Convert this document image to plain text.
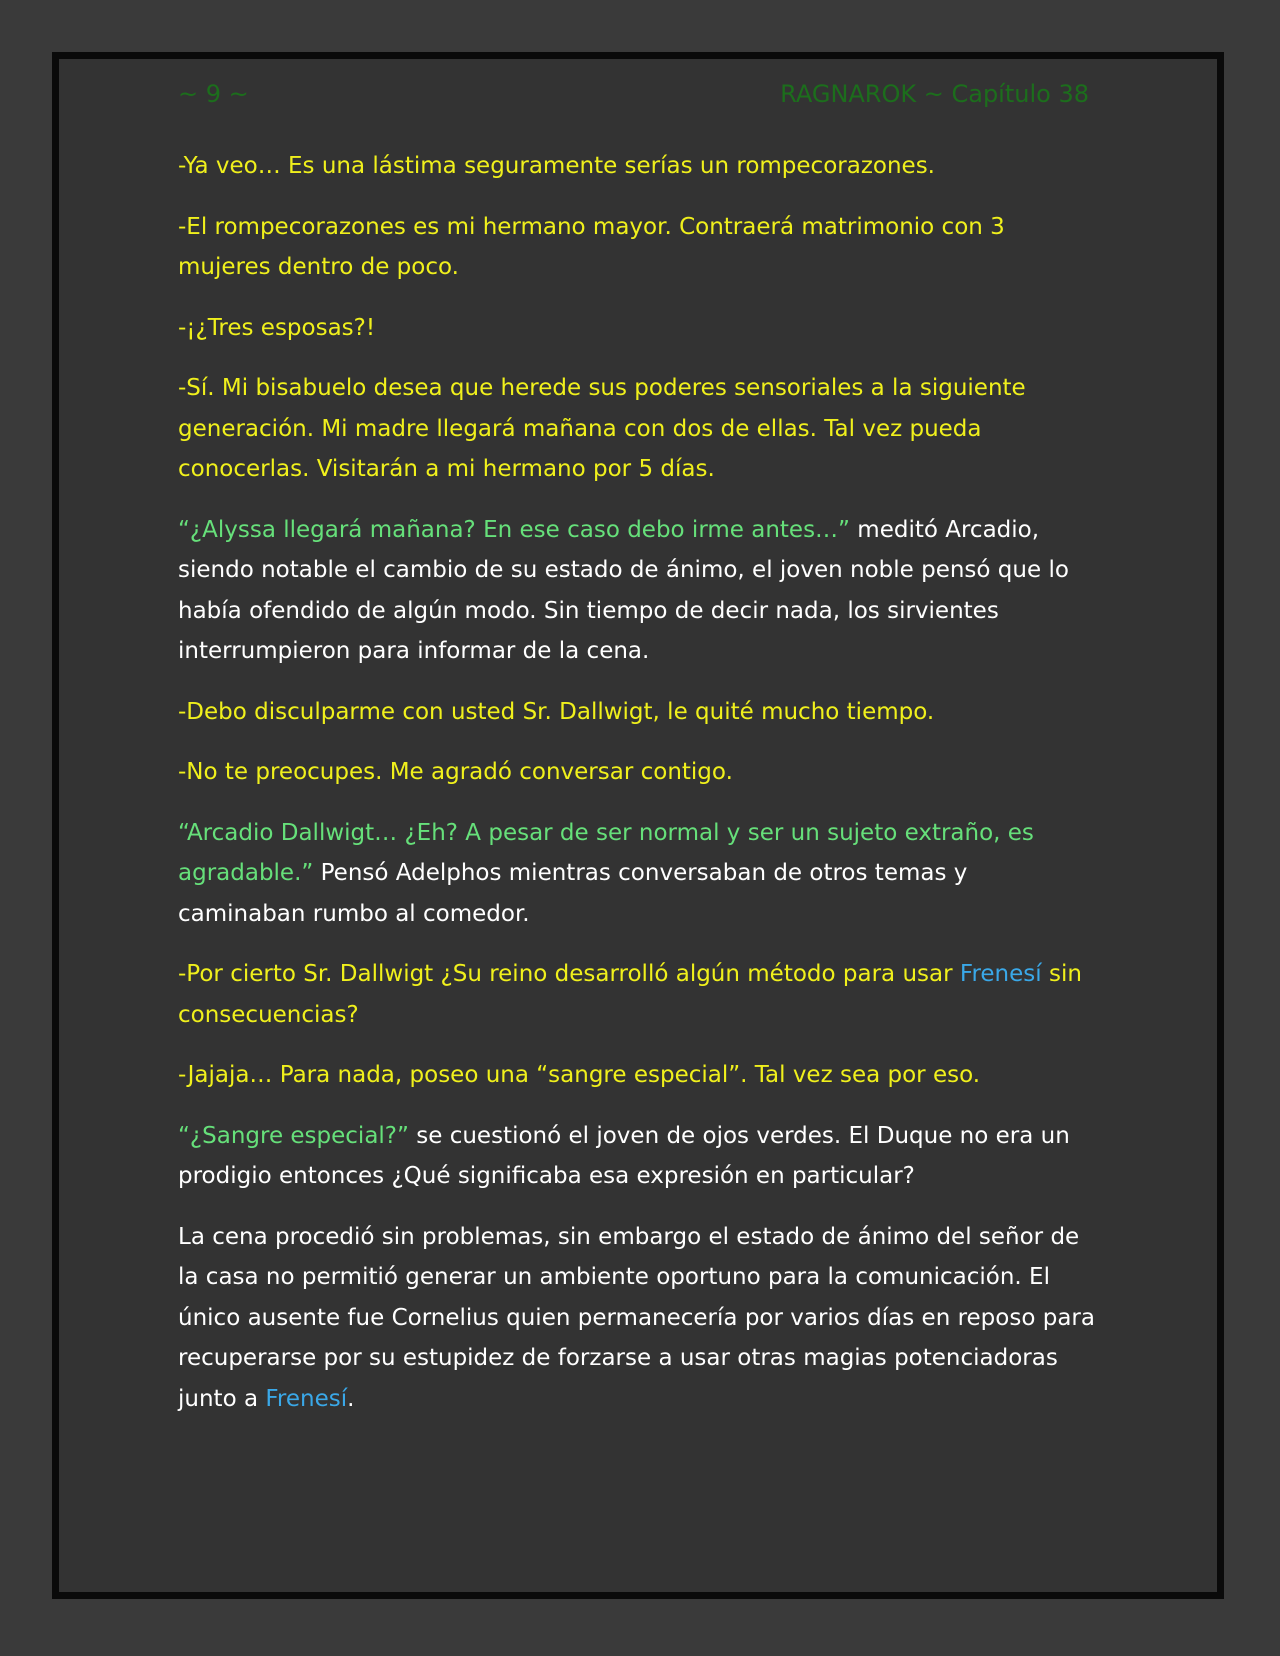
~ 9 ~	RAGNAROK ~ Capítulo 38

-Ya veo… Es una lástima seguramente serías un rompecorazones.

-El rompecorazones es mi hermano mayor. Contraerá matrimonio con 3 mujeres dentro de poco.

-¡¿Tres esposas?!

-Sí. Mi bisabuelo desea que herede sus poderes sensoriales a la siguiente generación. Mi madre llegará mañana con dos de ellas. Tal vez pueda conocerlas. Visitarán a mi hermano por 5 días.

“¿Alyssa llegará mañana? En ese caso debo irme antes…” meditó Arcadio, siendo notable el cambio de su estado de ánimo, el joven noble pensó que lo había ofendido de algún modo. Sin tiempo de decir nada, los sirvientes interrumpieron para informar de la cena.

-Debo disculparme con usted Sr. Dallwigt, le quité mucho tiempo.

-No te preocupes. Me agradó conversar contigo.

“Arcadio Dallwigt… ¿Eh? A pesar de ser normal y ser un sujeto extraño, es agradable.” Pensó Adelphos mientras conversaban de otros temas y caminaban rumbo al comedor.

-Por cierto Sr. Dallwigt ¿Su reino desarrolló algún método para usar Frenesí sin consecuencias?

-Jajaja… Para nada, poseo una “sangre especial”. Tal vez sea por eso.

“¿Sangre especial?” se cuestionó el joven de ojos verdes. El Duque no era un prodigio entonces ¿Qué significaba esa expresión en particular?

La cena procedió sin problemas, sin embargo el estado de ánimo del señor de la casa no permitió generar un ambiente oportuno para la comunicación. El único ausente fue Cornelius quien permanecería por varios días en reposo para recuperarse por su estupidez de forzarse a usar otras magias potenciadoras junto a Frenesí.
